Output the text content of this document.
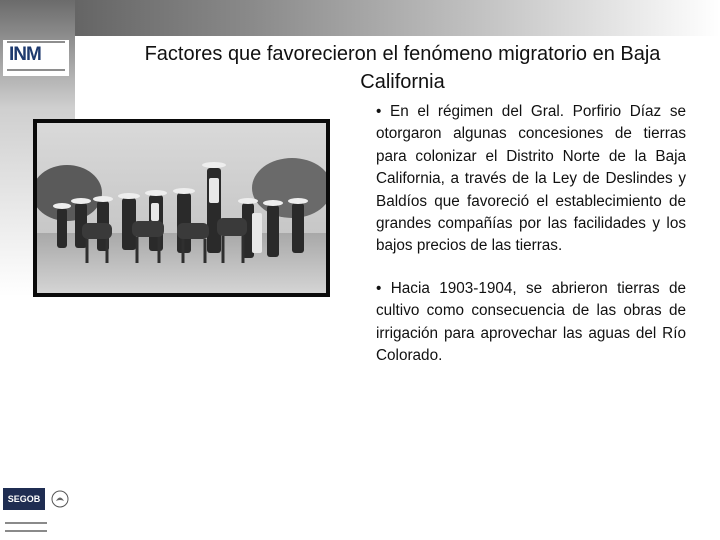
INM	Factores que favorecieron el fenómeno migratorio en Baja California

• En el régimen del Gral. Porfirio Díaz se otorgaron algunas concesiones de tierras para colonizar el Distrito Norte de la Baja California, a través de la Ley de Deslindes y Baldíos que favoreció el establecimiento de grandes compañías por las facilidades y los bajos precios de las tierras.

• Hacia 1903-1904, se abrieron tierras de cultivo como consecuencia de las obras de irrigación para aprovechar las aguas del Río Colorado.

SEGOB
